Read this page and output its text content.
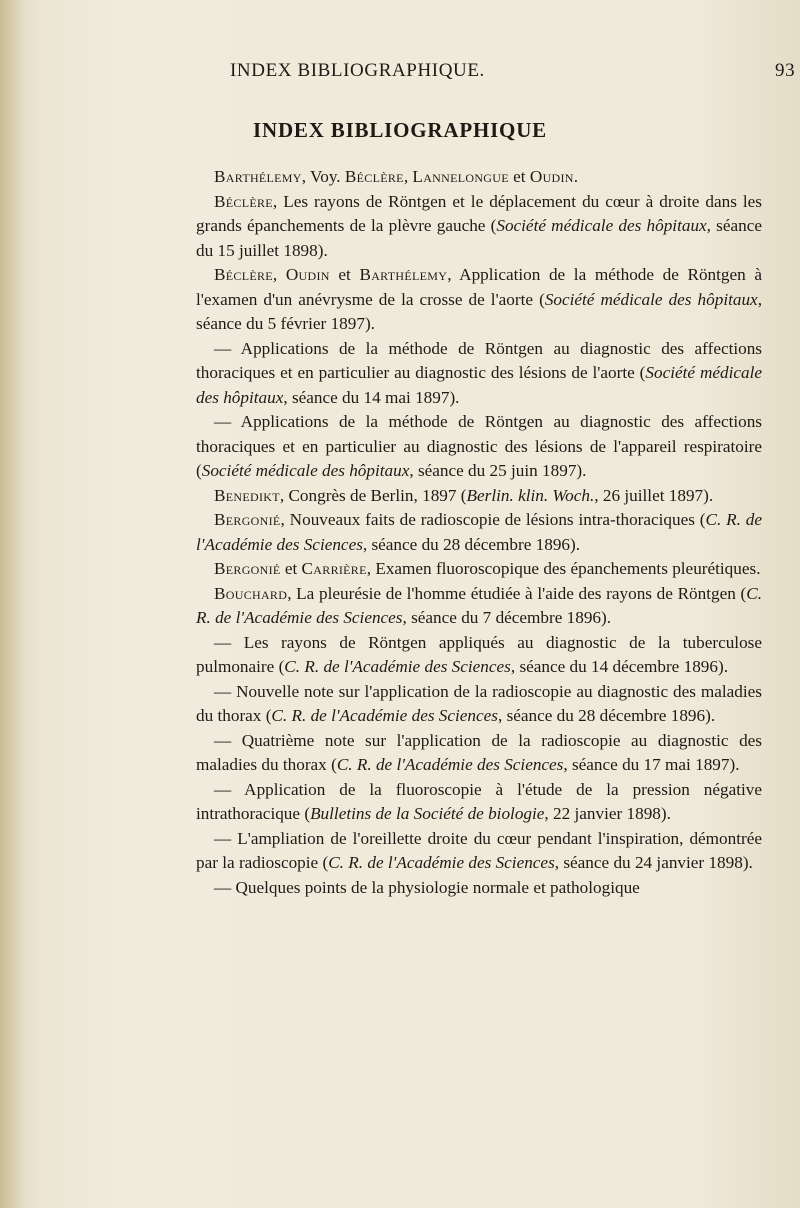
INDEX BIBLIOGRAPHIQUE.	93
INDEX BIBLIOGRAPHIQUE

Barthélemy, Voy. Béclère, Lannelongue et Oudin.

Béclère, Les rayons de Röntgen et le déplacement du cœur à droite dans les grands épanchements de la plèvre gauche (Société médicale des hôpitaux, séance du 15 juillet 1898).

Béclère, Oudin et Barthélemy, Application de la méthode de Röntgen à l'examen d'un anévrysme de la crosse de l'aorte (Société médicale des hôpitaux, séance du 5 février 1897).

— Applications de la méthode de Röntgen au diagnostic des affections thoraciques et en particulier au diagnostic des lésions de l'aorte (Société médicale des hôpitaux, séance du 14 mai 1897).

— Applications de la méthode de Röntgen au diagnostic des affections thoraciques et en particulier au diagnostic des lésions de l'appareil respiratoire (Société médicale des hôpitaux, séance du 25 juin 1897).

Benedikt, Congrès de Berlin, 1897 (Berlin. klin. Woch., 26 juillet 1897).

Bergonié, Nouveaux faits de radioscopie de lésions intra-thoraciques (C. R. de l'Académie des Sciences, séance du 28 décembre 1896).

Bergonié et Carrière, Examen fluoroscopique des épanchements pleurétiques.

Bouchard, La pleurésie de l'homme étudiée à l'aide des rayons de Röntgen (C. R. de l'Académie des Sciences, séance du 7 décembre 1896).

— Les rayons de Röntgen appliqués au diagnostic de la tuberculose pulmonaire (C. R. de l'Académie des Sciences, séance du 14 décembre 1896).

— Nouvelle note sur l'application de la radioscopie au diagnostic des maladies du thorax (C. R. de l'Académie des Sciences, séance du 28 décembre 1896).

— Quatrième note sur l'application de la radioscopie au diagnostic des maladies du thorax (C. R. de l'Académie des Sciences, séance du 17 mai 1897).

— Application de la fluoroscopie à l'étude de la pression négative intrathoracique (Bulletins de la Société de biologie, 22 janvier 1898).

— L'ampliation de l'oreillette droite du cœur pendant l'inspiration, démontrée par la radioscopie (C. R. de l'Académie des Sciences, séance du 24 janvier 1898).

— Quelques points de la physiologie normale et pathologique
